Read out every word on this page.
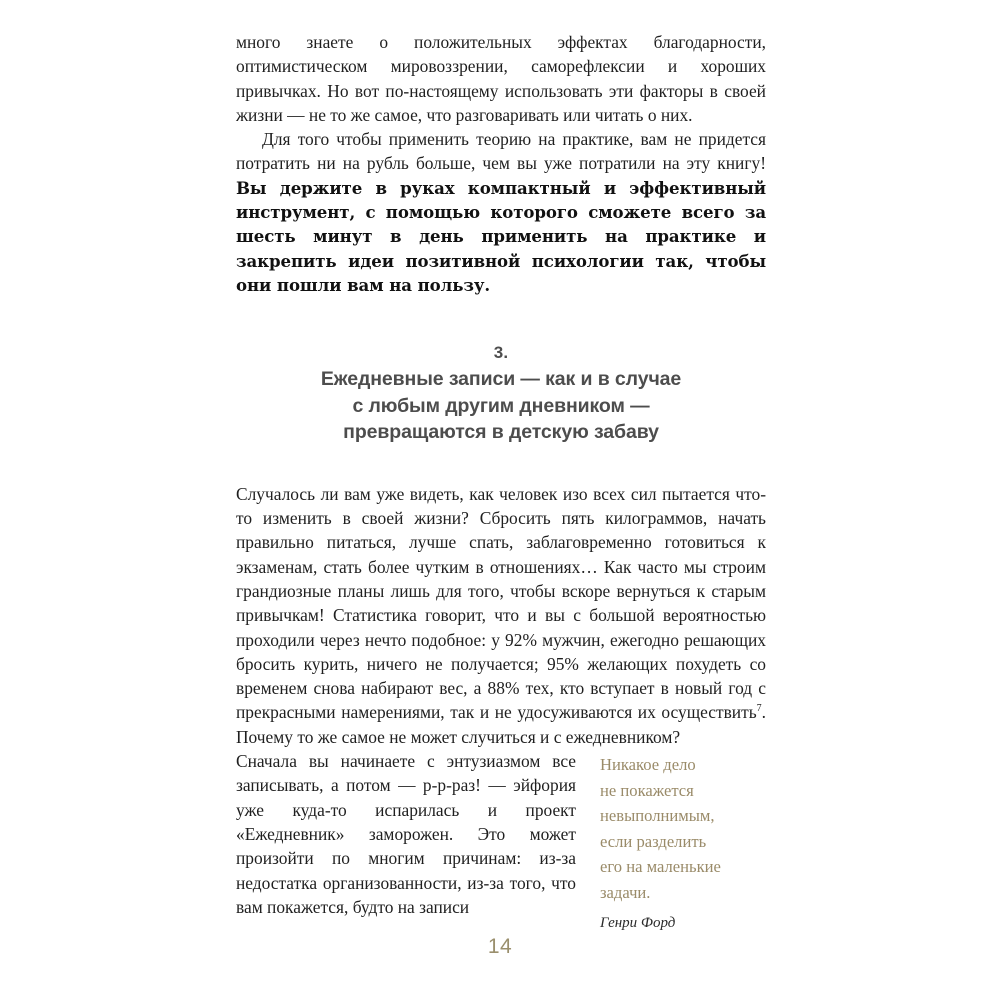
много знаете о положительных эффектах благодарности, оптимистическом мировоззрении, саморефлексии и хороших привычках. Но вот по-настоящему использовать эти факторы в своей жизни — не то же самое, что разговаривать или читать о них.

Для того чтобы применить теорию на практике, вам не придется потратить ни на рубль больше, чем вы уже потратили на эту книгу! Вы держите в руках компактный и эффективный инструмент, с помощью которого сможете всего за шесть минут в день применить на практике и закрепить идеи позитивной психологии так, чтобы они пошли вам на пользу.

3.
Ежедневные записи — как и в случае
с любым другим дневником —
превращаются в детскую забаву

Случалось ли вам уже видеть, как человек изо всех сил пытается что-то изменить в своей жизни? Сбросить пять килограммов, начать правильно питаться, лучше спать, заблаговременно готовиться к экзаменам, стать более чутким в отношениях… Как часто мы строим грандиозные планы лишь для того, чтобы вскоре вернуться к старым привычкам! Статистика говорит, что и вы с большой вероятностью проходили через нечто подобное: у 92% мужчин, ежегодно решающих бросить курить, ничего не получается; 95% желающих похудеть со временем снова набирают вес, а 88% тех, кто вступает в новый год с прекрасными намерениями, так и не удосуживаются их осуществить$^7$. Почему то же самое не может случиться и с ежедневником?

Сначала вы начинаете с энтузиазмом все записывать, а потом — р-р-раз! — эйфория уже куда-то испарилась и проект «Ежедневник» заморожен. Это может произойти по многим причинам: из-за недостатка организованности, из-за того, что вам покажется, будто на записи

Никакое дело
не покажется
невыполнимым,
если разделить
его на маленькие
задачи.
Генри Форд
14
